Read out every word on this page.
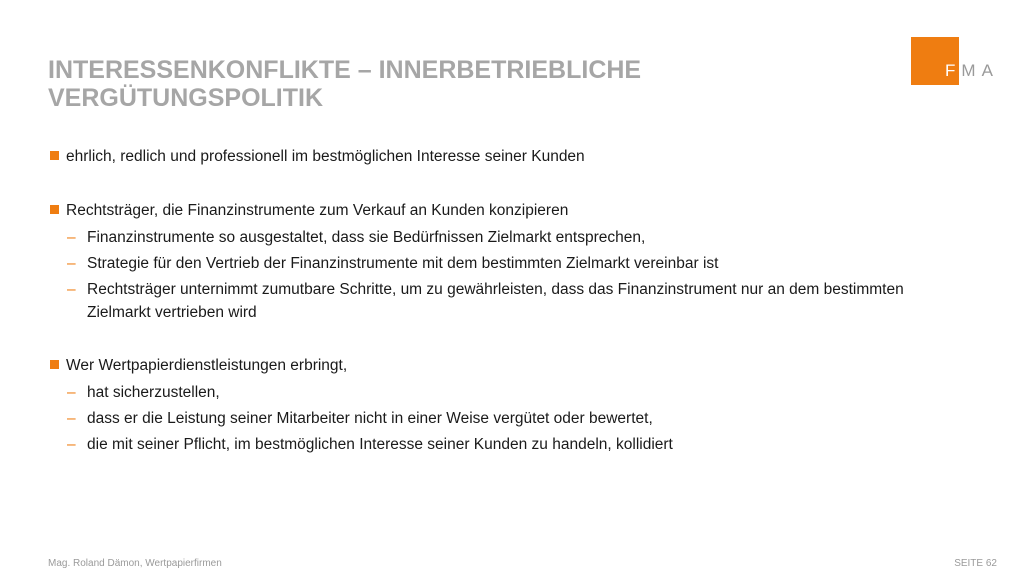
INTERESSENKONFLIKTE – INNERBETRIEBLICHE
VERGÜTUNGSPOLITIK
FMA

ehrlich, redlich und professionell im bestmöglichen Interesse seiner Kunden

Rechtsträger, die Finanzinstrumente zum Verkauf an Kunden konzipieren

– Finanzinstrumente so ausgestaltet, dass sie Bedürfnissen Zielmarkt entsprechen,
– Strategie für den Vertrieb der Finanzinstrumente mit dem bestimmten Zielmarkt vereinbar ist
– Rechtsträger unternimmt zumutbare Schritte, um zu gewährleisten, dass das Finanzinstrument nur an dem bestimmten Zielmarkt vertrieben wird

Wer Wertpapierdienstleistungen erbringt,

– hat sicherzustellen,
– dass er die Leistung seiner Mitarbeiter nicht in einer Weise vergütet oder bewertet,
– die mit seiner Pflicht, im bestmöglichen Interesse seiner Kunden zu handeln, kollidiert
Mag. Roland Dämon, Wertpapierfirmen	SEITE 62
